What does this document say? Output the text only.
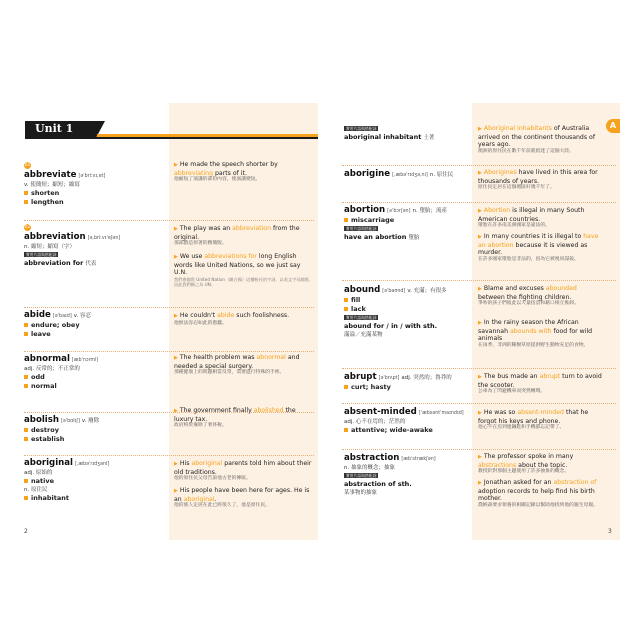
Unit 1
01
abbreviate [əˈbriːvɪ,et]
v. 使簡短；縮短；縮寫
shorten
lengthen
02
abbreviation [ə,briːvɪˈeʃən]
n. 縮短；縮寫（字）
實用片語與搭配詞
abbreviation for 代表
abide [əˈbaɪd] v. 容忍
endure; obey
leave
abnormal [æbˈnɔrml]
adj. 反常的；不正常的
odd
normal
abolish [əˈbɑlɪʃ] v. 廢除
destroy
establish
aboriginal [,æbəˈrɪdʒənl]
adj. 原始的
native
n. 原住民
inhabitant
▶ He made the speech shorter by abbreviating parts of it.
他縮短了演講的部份內容，使演講變短。
▶ The play was an abbreviation from the original.
那部戲是原著的精簡版。
▶ We use abbreviations for long English words like United Nations, so we just say U.N.
我們會縮寫 United Nation（聯合國）這種較長的字詞，以英文字母縮寫，因此我們稱之為 UN。
▶ He couldn't abide such foolishness.
他無法容忍如此的愚蠢。
▶ The health problem was abnormal and needed a special surgery.
那種健康上的問題相當反常，需要進行特殊的手術。
▶ The government finally abolished the luxury tax.
政府終於廢除了奢侈稅。
▶ His aboriginal parents told him about their old traditions.
他的原住民父母告訴他古老的傳統。
▶ His people have been here for ages. He is an aboriginal.
他的族人定居在此已經很久了，他是原住民。
2
A
實用片語與搭配詞
aboriginal inhabitant 土著
aborigine [,æbəˈrɪdʒə,ni] n. 原住民
abortion [əˈbɔrʃən] n. 墮胎；流產
miscarriage
實用片語與搭配詞
have an abortion 墮胎
abound [əˈbaʊnd] v. 充滿；有很多
fill
lack
實用片語與搭配詞
abound for / in / with sth.
滿溢／充滿某物
abrupt [əˈbrʌpt] adj. 突然的；魯莽的
curt; hasty
absent-minded [ˈæbsəntˈmaɪndɪd]
adj. 心不在焉的；茫然的
attentive; wide-awake
abstraction [æbˈstrækʃən]
n. 抽象的概念；抽象
實用片語與搭配詞
abstraction of sth.
某事物的抽象
▶ Aboriginal inhabitants of Australia arrived on the continent thousands of years ago.
澳洲的原住民在數千年前就抵達了這個大陸。
▶ Aborigines have lived in this area for thousands of years.
原住民定居在這個地區好幾千年了。
▶ Abortion is illegal in many South American countries.
墮胎在許多南美洲國家是違法的。
▶ In many countries it is illegal to have an abortion because it is viewed as murder.
在許多國家墮胎是非法的，因為它被視同謀殺。
▶ Blame and excuses abounded between the fighting children.
爭吵的孩子們彼此以大量指責和藉口相互推卸。
▶ In the rainy season the African savannah abounds with food for wild animals
在雨季，非洲的稀樹草原提供野生動物充足的食物。
▶ The bus made an abrupt turn to avoid the scooter.
公車為了閃避機車而突然轉彎。
▶ He was so absent-minded that he forgot his keys and phone.
他心不在焉到連鑰匙和手機都忘記帶了。
▶ The professor spoke in many abstractions about the topic.
教授針對那個主題使用了許多抽象的概念。
▶ Jonathan asked for an abstraction of adoption records to help find his birth mother.
喬納森要求領養的相關記錄以幫助他找到他的親生母親。
3
